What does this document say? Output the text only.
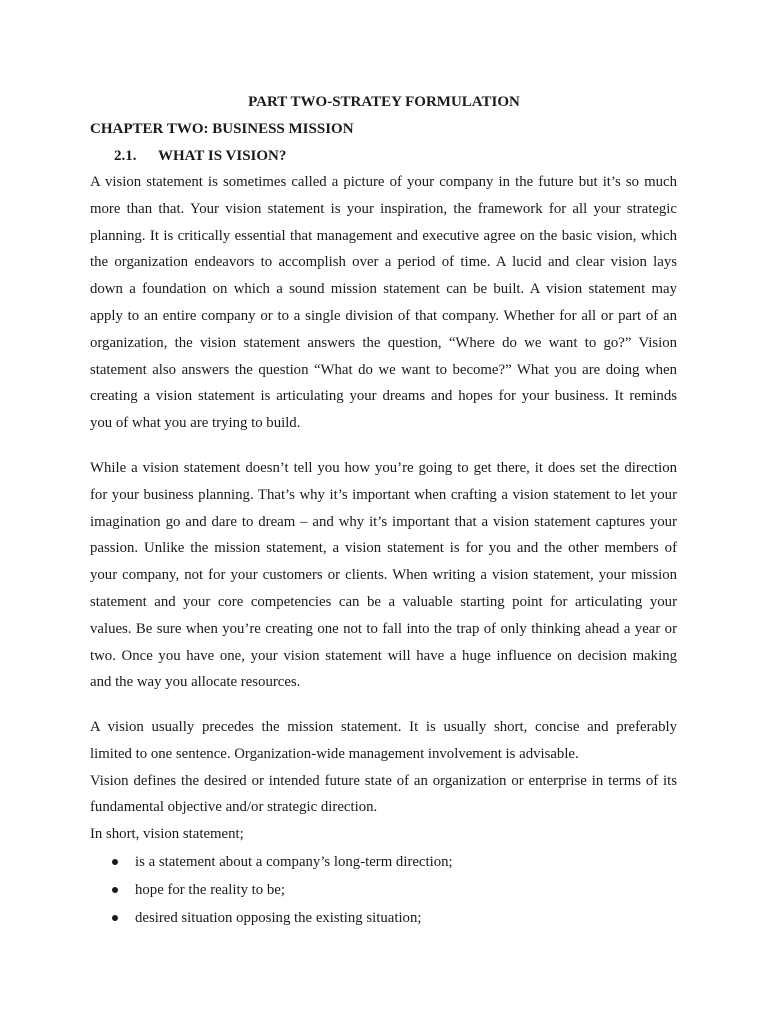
PART TWO-STRATEY FORMULATION
CHAPTER TWO: BUSINESS MISSION
2.1. WHAT IS VISION?
A vision statement is sometimes called a picture of your company in the future but it’s so much
more than that. Your vision statement is your inspiration, the framework for all your strategic
planning. It is critically essential that management and executive agree on the basic vision, which
the organization endeavors to accomplish over a period of time. A lucid and clear vision lays
down a foundation on which a sound mission statement can be built. A vision statement may
apply to an entire company or to a single division of that company. Whether for all or part of an
organization, the vision statement answers the question, “Where do we want to go?” Vision
statement also answers the question “What do we want to become?” What you are doing when
creating a vision statement is articulating your dreams and hopes for your business. It reminds
you of what you are trying to build.
While a vision statement doesn’t tell you how you’re going to get there, it does set the direction
for your business planning. That’s why it’s important when crafting a vision statement to let your
imagination go and dare to dream – and why it’s important that a vision statement captures your
passion. Unlike the mission statement, a vision statement is for you and the other members of
your company, not for your customers or clients. When writing a vision statement, your mission
statement and your core competencies can be a valuable starting point for articulating your
values. Be sure when you’re creating one not to fall into the trap of only thinking ahead a year or
two. Once you have one, your vision statement will have a huge influence on decision making
and the way you allocate resources.
A vision usually precedes the mission statement. It is usually short, concise and preferably
limited to one sentence. Organization-wide management involvement is advisable.
Vision defines the desired or intended future state of an organization or enterprise in terms of its
fundamental objective and/or strategic direction.
In short, vision statement;
is a statement about a company’s long-term direction;
hope for the reality to be;
desired situation opposing the existing situation;
